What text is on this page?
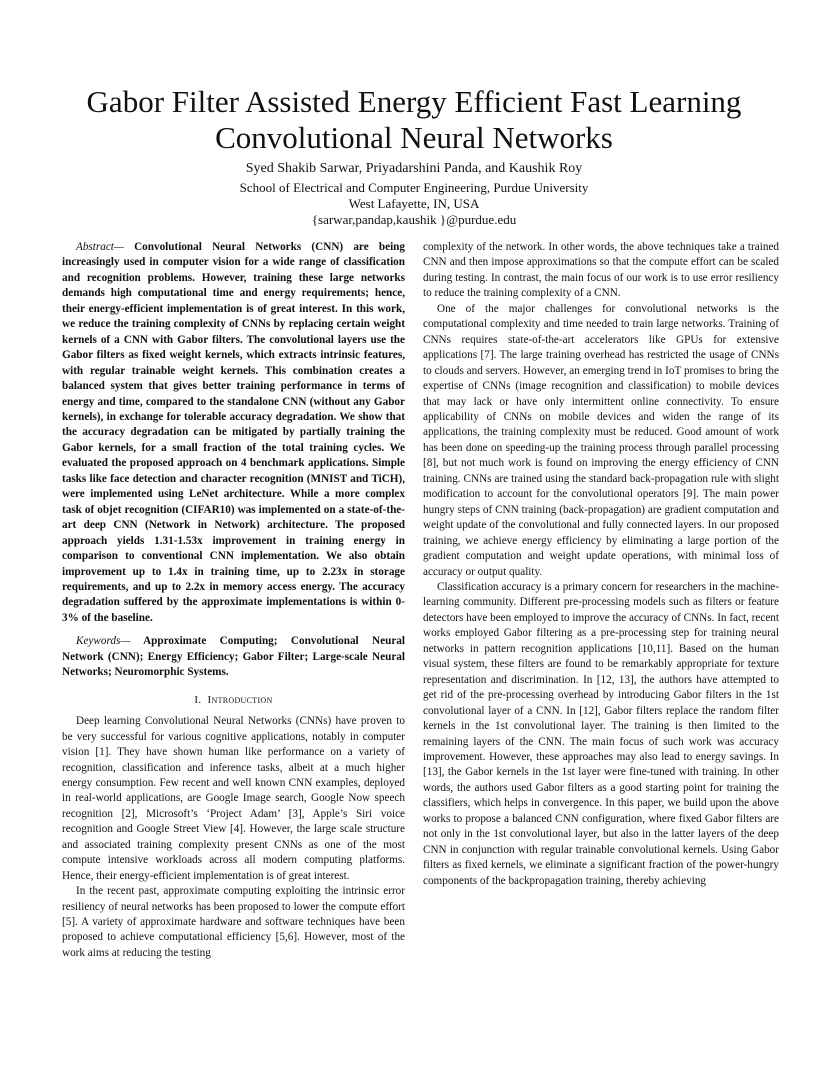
Gabor Filter Assisted Energy Efficient Fast Learning Convolutional Neural Networks
Syed Shakib Sarwar, Priyadarshini Panda, and Kaushik Roy
School of Electrical and Computer Engineering, Purdue University
West Lafayette, IN, USA
{sarwar,pandap,kaushik }@purdue.edu

Abstract— Convolutional Neural Networks (CNN) are being increasingly used in computer vision for a wide range of classification and recognition problems. However, training these large networks demands high computational time and energy requirements; hence, their energy-efficient implementation is of great interest. In this work, we reduce the training complexity of CNNs by replacing certain weight kernels of a CNN with Gabor filters. The convolutional layers use the Gabor filters as fixed weight kernels, which extracts intrinsic features, with regular trainable weight kernels. This combination creates a balanced system that gives better training performance in terms of energy and time, compared to the standalone CNN (without any Gabor kernels), in exchange for tolerable accuracy degradation. We show that the accuracy degradation can be mitigated by partially training the Gabor kernels, for a small fraction of the total training cycles. We evaluated the proposed approach on 4 benchmark applications. Simple tasks like face detection and character recognition (MNIST and TiCH), were implemented using LeNet architecture. While a more complex task of objet recognition (CIFAR10) was implemented on a state-of-the-art deep CNN (Network in Network) architecture. The proposed approach yields 1.31-1.53x improvement in training energy in comparison to conventional CNN implementation. We also obtain improvement up to 1.4x in training time, up to 2.23x in storage requirements, and up to 2.2x in memory access energy. The accuracy degradation suffered by the approximate implementations is within 0-3% of the baseline.

Keywords— Approximate Computing; Convolutional Neural Network (CNN); Energy Efficiency; Gabor Filter; Large-scale Neural Networks; Neuromorphic Systems.

I. Introduction

Deep learning Convolutional Neural Networks (CNNs) have proven to be very successful for various cognitive applications, notably in computer vision [1]. They have shown human like performance on a variety of recognition, classification and inference tasks, albeit at a much higher energy consumption. Few recent and well known CNN examples, deployed in real-world applications, are Google Image search, Google Now speech recognition [2], Microsoft’s ‘Project Adam’ [3], Apple’s Siri voice recognition and Google Street View [4]. However, the large scale structure and associated training complexity present CNNs as one of the most compute intensive workloads across all modern computing platforms. Hence, their energy-efficient implementation is of great interest.

In the recent past, approximate computing exploiting the intrinsic error resiliency of neural networks has been proposed to lower the compute effort [5]. A variety of approximate hardware and software techniques have been proposed to achieve computational efficiency [5,6]. However, most of the work aims at reducing the testing

complexity of the network. In other words, the above techniques take a trained CNN and then impose approximations so that the compute effort can be scaled during testing. In contrast, the main focus of our work is to use error resiliency to reduce the training complexity of a CNN.

One of the major challenges for convolutional networks is the computational complexity and time needed to train large networks. Training of CNNs requires state-of-the-art accelerators like GPUs for extensive applications [7]. The large training overhead has restricted the usage of CNNs to clouds and servers. However, an emerging trend in IoT promises to bring the expertise of CNNs (image recognition and classification) to mobile devices that may lack or have only intermittent online connectivity. To ensure applicability of CNNs on mobile devices and widen the range of its applications, the training complexity must be reduced. Good amount of work has been done on speeding-up the training process through parallel processing [8], but not much work is found on improving the energy efficiency of CNN training. CNNs are trained using the standard back-propagation rule with slight modification to account for the convolutional operators [9]. The main power hungry steps of CNN training (back-propagation) are gradient computation and weight update of the convolutional and fully connected layers. In our proposed training, we achieve energy efficiency by eliminating a large portion of the gradient computation and weight update operations, with minimal loss of accuracy or output quality.

Classification accuracy is a primary concern for researchers in the machine-learning community. Different pre-processing models such as filters or feature detectors have been employed to improve the accuracy of CNNs. In fact, recent works employed Gabor filtering as a pre-processing step for training neural networks in pattern recognition applications [10,11]. Based on the human visual system, these filters are found to be remarkably appropriate for texture representation and discrimination. In [12, 13], the authors have attempted to get rid of the pre-processing overhead by introducing Gabor filters in the 1st convolutional layer of a CNN. In [12], Gabor filters replace the random filter kernels in the 1st convolutional layer. The training is then limited to the remaining layers of the CNN. The main focus of such work was accuracy improvement. However, these approaches may also lead to energy savings. In [13], the Gabor kernels in the 1st layer were fine-tuned with training. In other words, the authors used Gabor filters as a good starting point for training the classifiers, which helps in convergence. In this paper, we build upon the above works to propose a balanced CNN configuration, where fixed Gabor filters are not only in the 1st convolutional layer, but also in the latter layers of the deep CNN in conjunction with regular trainable convolutional kernels. Using Gabor filters as fixed kernels, we eliminate a significant fraction of the power-hungry components of the backpropagation training, thereby achieving
